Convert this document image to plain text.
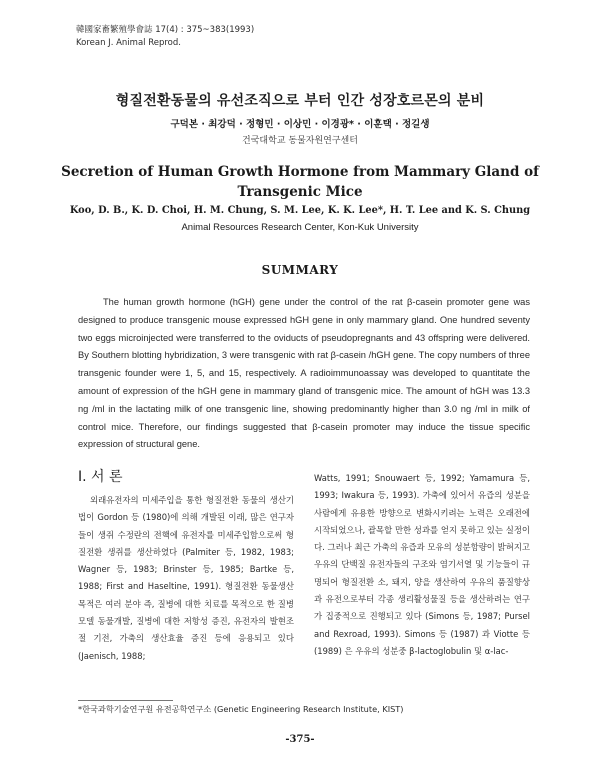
韓國家畜繁殖學會誌 17(4) : 375~383(1993)
Korean J. Animal Reprod.
형질전환동물의 유선조직으로 부터 인간 성장호르몬의 분비
구덕본 · 최강덕 · 정형민 · 이상민 · 이경광* · 이훈택 · 정길생
건국대학교 동물자원연구센터
Secretion of Human Growth Hormone from Mammary Gland of
Transgenic Mice
Koo, D. B., K. D. Choi, H. M. Chung, S. M. Lee, K. K. Lee*, H. T. Lee and K. S. Chung
Animal Resources Research Center, Kon-Kuk University
SUMMARY
The human growth hormone (hGH) gene under the control of the rat β-casein promoter gene was designed to produce transgenic mouse expressed hGH gene in only mammary gland. One hundred seventy two eggs microinjected were transferred to the oviducts of pseudopregnants and 43 offspring were delivered. By Southern blotting hybridization, 3 were transgenic with rat β-casein /hGH gene. The copy numbers of three transgenic founder were 1, 5, and 15, respectively. A radioimmunoassay was developed to quantitate the amount of expression of the hGH gene in mammary gland of transgenic mice. The amount of hGH was 13.3 ng /ml in the lactating milk of one transgenic line, showing predominantly higher than 3.0 ng /ml in milk of control mice. Therefore, our findings suggested that β-casein promoter may induce the tissue specific expression of structural gene.
I. 서 론
외래유전자의 미세주입을 통한 형질전환 동물의 생산기법이 Gordon 등 (1980)에 의해 개발된 이래, 많은 연구자들이 생쥐 수정란의 전핵에 유전자를 미세주입함으로써 형질전환 생쥐를 생산하였다 (Palmiter 등, 1982, 1983; Wagner 등, 1983; Brinster 등, 1985; Bartke 등, 1988; First and Haseltine, 1991). 형질전환 동물생산 목적은 여러 분야 즉, 질병에 대한 치료를 목적으로 한 질병모델 동물개발, 질병에 대한 저항성 증진, 유전자의 발현조절 기전, 가축의 생산효율 증진 등에 응용되고 있다 (Jaenisch, 1988;
Watts, 1991; Snouwaert 등, 1992; Yamamura 등, 1993; Iwakura 등, 1993). 가축에 있어서 유즙의 성분을 사람에게 유용한 방향으로 변화시키려는 노력은 오래전에 시작되었으나, 괄목할 만한 성과를 얻지 못하고 있는 실정이다. 그러나 최근 가축의 유즙과 모유의 성분함량이 밝혀지고 우유의 단백질 유전자들의 구조와 염기서열 및 기능들이 규명되어 형질전환 소, 돼지, 양을 생산하여 우유의 품질향상과 유전으로부터 각종 생리활성물질 등을 생산하려는 연구가 집중적으로 진행되고 있다 (Simons 등, 1987; Pursel and Rexroad, 1993). Simons 등 (1987) 과 Viotte 등 (1989) 은 우유의 성분중 β-lactoglobulin 및 α-lac-
*한국과학기술연구원 유전공학연구소 (Genetic Engineering Research Institute, KIST)
-375-
